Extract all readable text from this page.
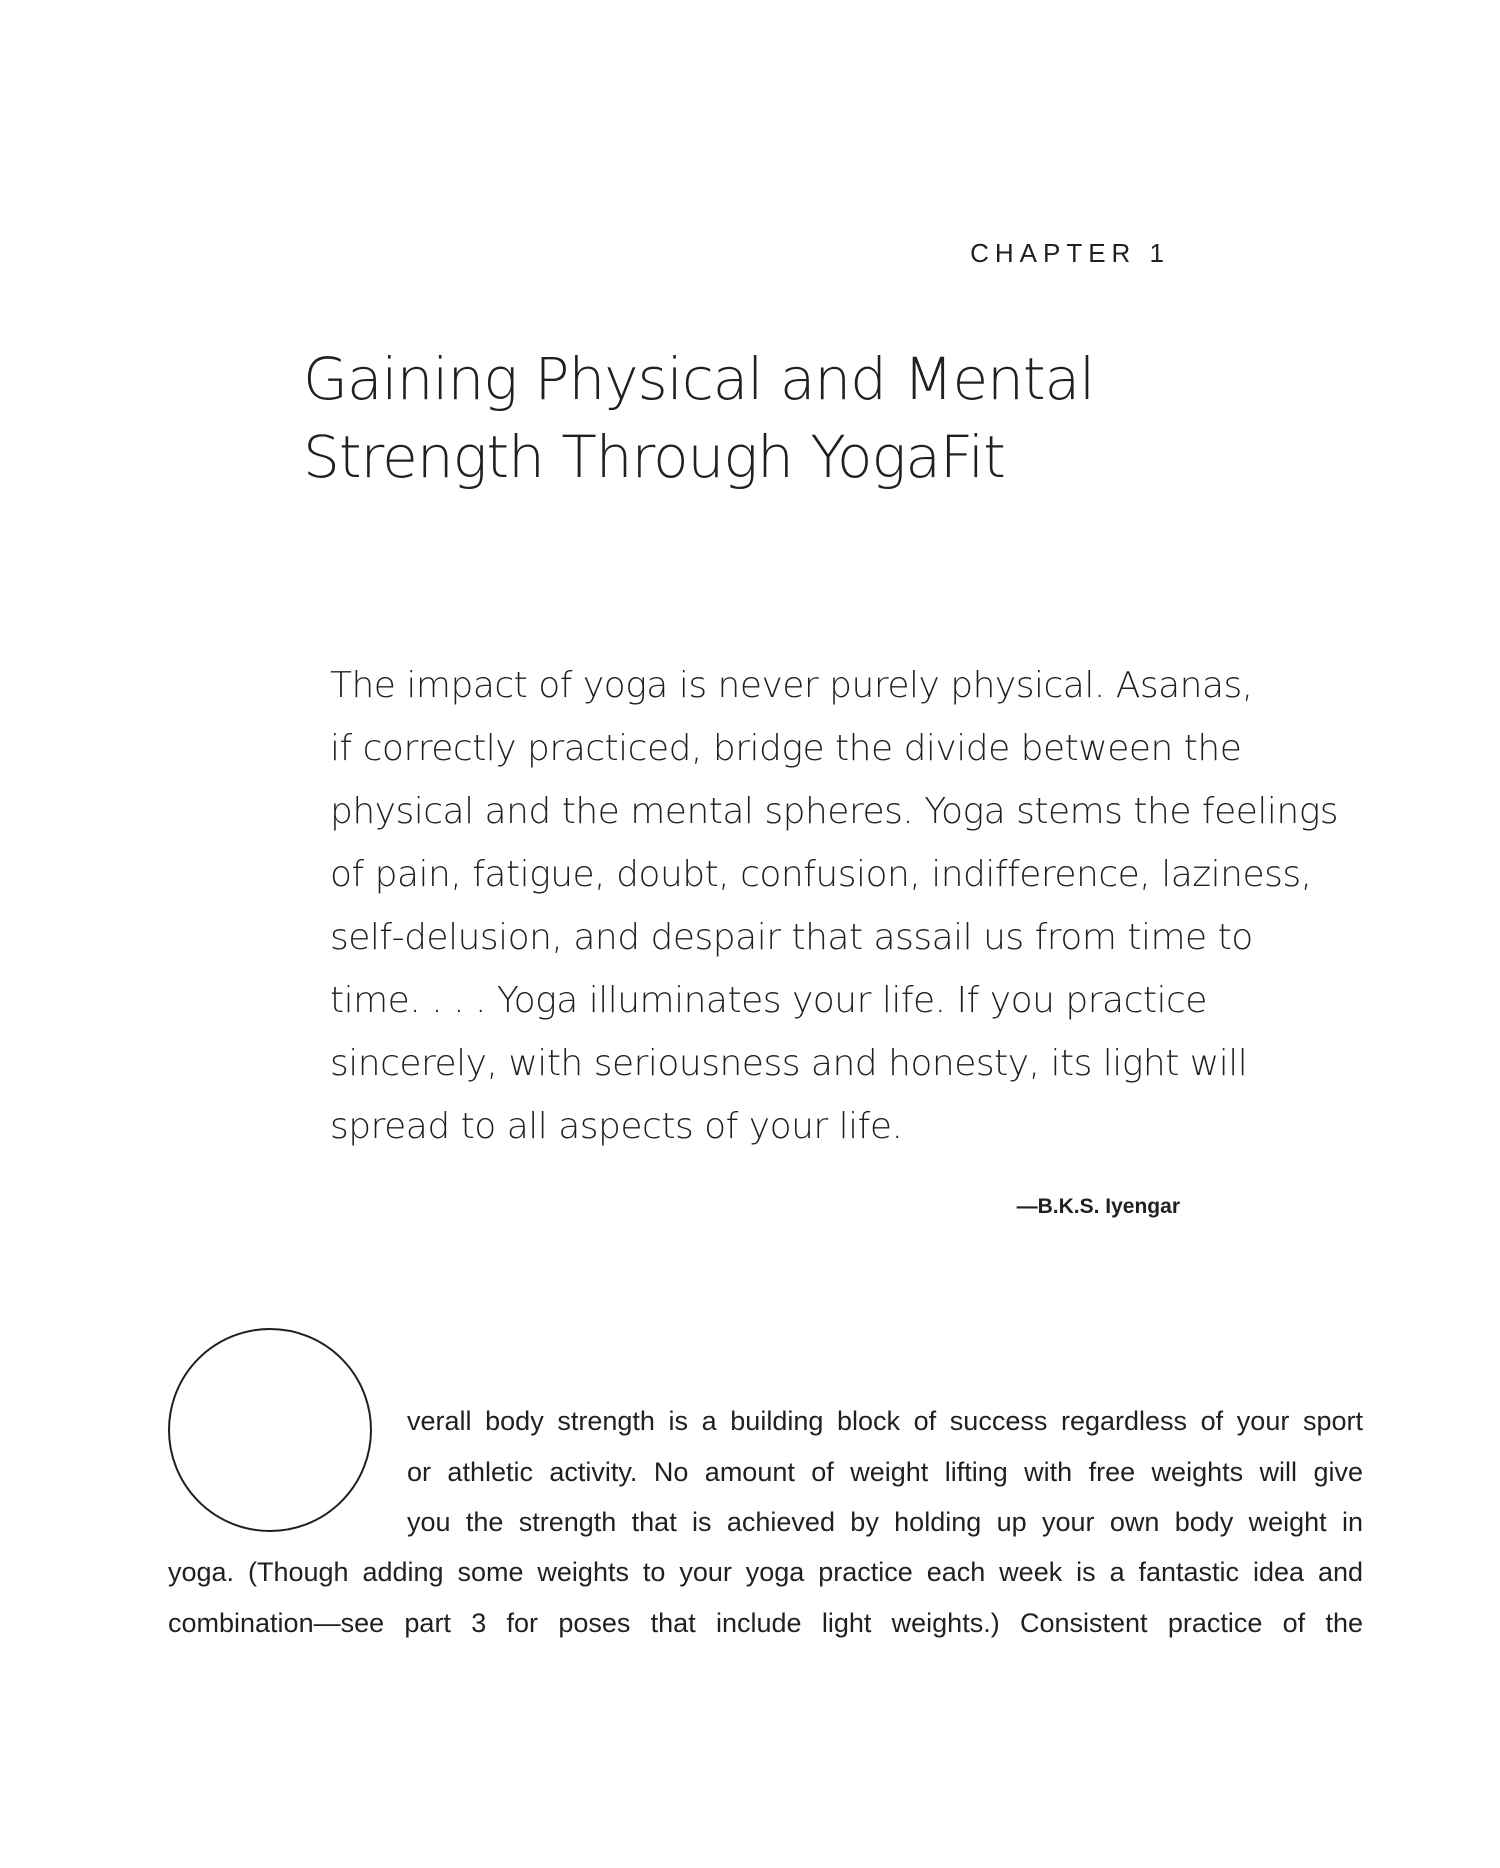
CHAPTER 1
Gaining Physical and Mental
Strength Through YogaFit
The impact of yoga is never purely physical. Asanas,
if correctly practiced, bridge the divide between the
physical and the mental spheres. Yoga stems the feelings
of pain, fatigue, doubt, confusion, indifference, laziness,
self-delusion, and despair that assail us from time to
time. . . . Yoga illuminates your life. If you practice
sincerely, with seriousness and honesty, its light will
spread to all aspects of your life.
—B.K.S. Iyengar

verall body strength is a building block of success regardless of your sport

or athletic activity. No amount of weight lifting with free weights will give

you the strength that is achieved by holding up your own body weight in

yoga. (Though adding some weights to your yoga practice each week is a fantastic idea and

combination—see part 3 for poses that include light weights.) Consistent practice of the
